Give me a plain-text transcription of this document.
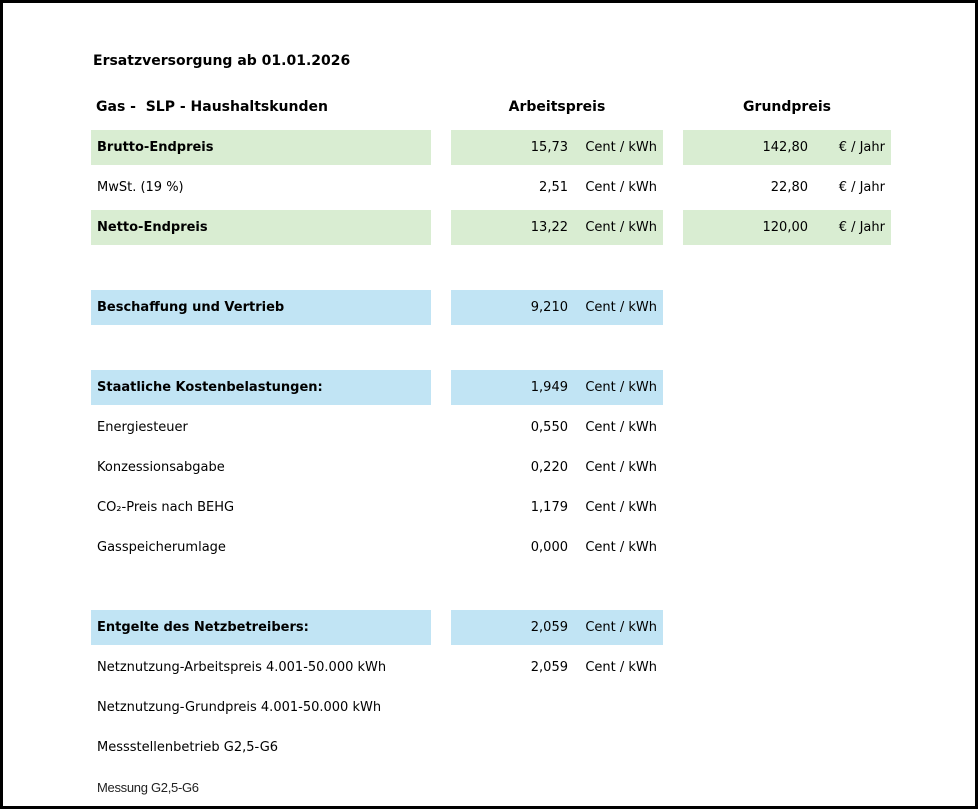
Ersatzversorgung ab 01.01.2026
Gas -  SLP - Haushaltskunden	Arbeitspreis	Grundpreis
Brutto-Endpreis	15,73	Cent / kWh	142,80	€ / Jahr
MwSt. (19 %)	2,51	Cent / kWh	22,80	€ / Jahr
Netto-Endpreis	13,22	Cent / kWh	120,00	€ / Jahr
Beschaffung und Vertrieb	9,210	Cent / kWh
Staatliche Kostenbelastungen:	1,949	Cent / kWh
Energiesteuer	0,550	Cent / kWh
Konzessionsabgabe	0,220	Cent / kWh
CO₂-Preis nach BEHG	1,179	Cent / kWh
Gasspeicherumlage	0,000	Cent / kWh
Entgelte des Netzbetreibers:	2,059	Cent / kWh
Netznutzung-Arbeitspreis 4.001-50.000 kWh	2,059	Cent / kWh
Netznutzung-Grundpreis 4.001-50.000 kWh
Messstellenbetrieb G2,5-G6
Messung G2,5-G6
